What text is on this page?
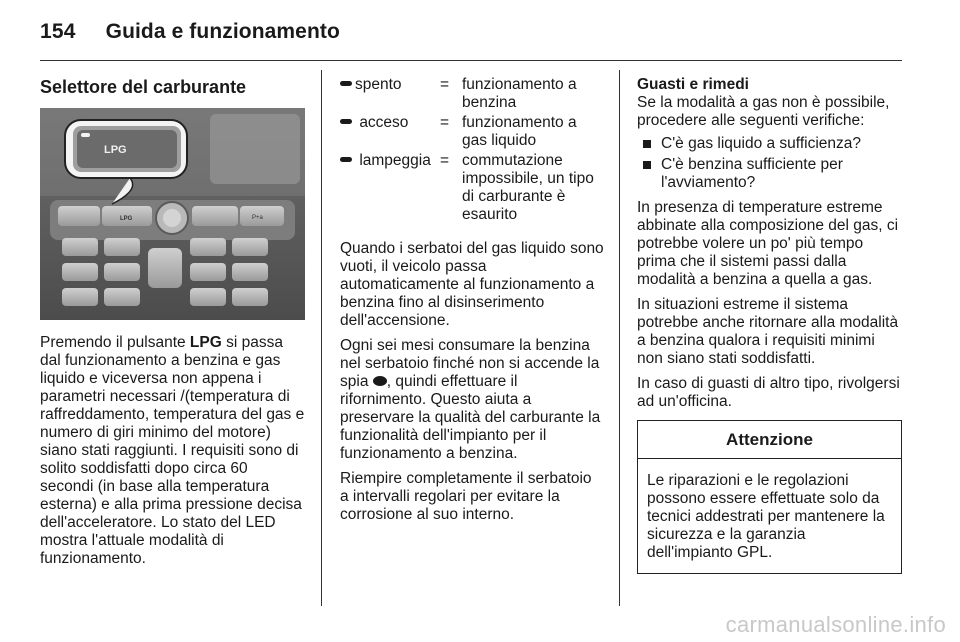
154 Guida e funzionamento
Selettore del carburante
LPG	P+a
LPG

Premendo il pulsante LPG si passa dal funzionamento a benzina e gas liquido e viceversa non appena i parametri necessari /(temperatura di raffreddamento, temperatura del gas e numero di giri minimo del motore) siano stati raggiunti. I requisiti sono di solito soddisfatti dopo circa 60 secondi (in base alla temperatura esterna) e alla prima pressione decisa dell'acceleratore. Lo stato del LED mostra l'attuale modalità di funzionamento.

spento	=	funzionamento a benzina
acceso	=	funzionamento a gas liquido
lampeggia	=	commutazione impossibile, un tipo di carburante è esaurito

Quando i serbatoi del gas liquido sono vuoti, il veicolo passa automaticamente al funzionamento a benzina fino al disinserimento dell'accensione.

Ogni sei mesi consumare la benzina nel serbatoio finché non si accende la spia , quindi effettuare il rifornimento. Questo aiuta a preservare la qualità del carburante la funzionalità dell'impianto per il funzionamento a benzina.

Riempire completamente il serbatoio a intervalli regolari per evitare la corrosione al suo interno.

Guasti e rimedi

Se la modalità a gas non è possibile, procedere alle seguenti verifiche:

C'è gas liquido a sufficienza?
C'è benzina sufficiente per l'avviamento?

In presenza di temperature estreme abbinate alla composizione del gas, ci potrebbe volere un po' più tempo prima che il sistemi passi dalla modalità a benzina a quella a gas.

In situazioni estreme il sistema potrebbe anche ritornare alla modalità a benzina qualora i requisiti minimi non siano stati soddisfatti.

In caso di guasti di altro tipo, rivolgersi ad un'officina.

Attenzione
Le riparazioni e le regolazioni possono essere effettuate solo da tecnici addestrati per mantenere la sicurezza e la garanzia dell'impianto GPL.
carmanualsonline.info
